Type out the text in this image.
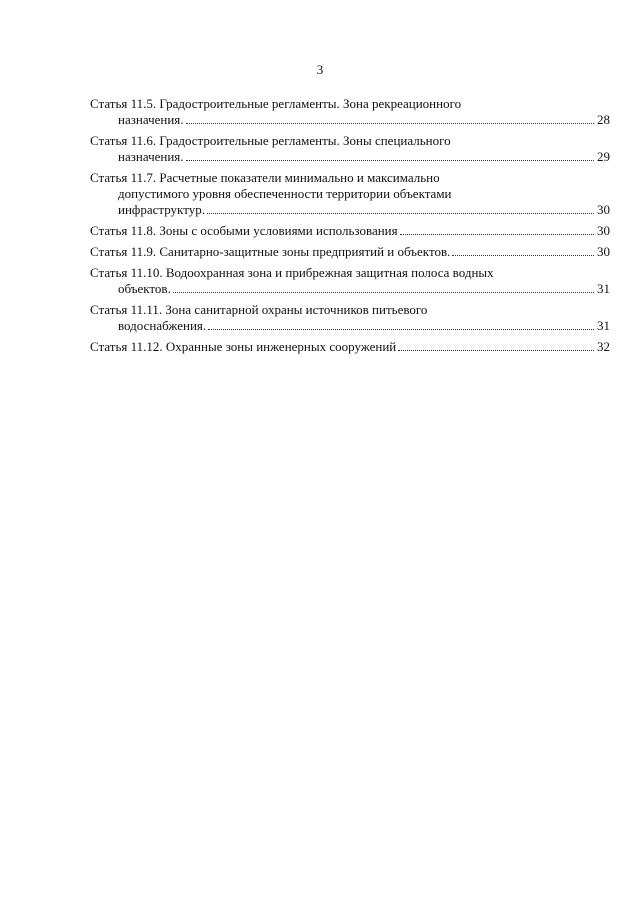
3
Статья 11.5. Градостроительные регламенты. Зона рекреационного
назначения.	28
Статья 11.6. Градостроительные регламенты. Зоны специального
назначения.	29
Статья 11.7. Расчетные показатели минимально и максимально
допустимого уровня обеспеченности территории объектами
инфраструктур.	30
Статья 11.8. Зоны с особыми условиями использования	30
Статья 11.9. Санитарно-защитные зоны предприятий и объектов.	30
Статья 11.10. Водоохранная зона и прибрежная защитная полоса водных
объектов.	31
Статья 11.11. Зона санитарной охраны источников питьевого
водоснабжения.	31
Статья 11.12. Охранные зоны инженерных сооружений	32
